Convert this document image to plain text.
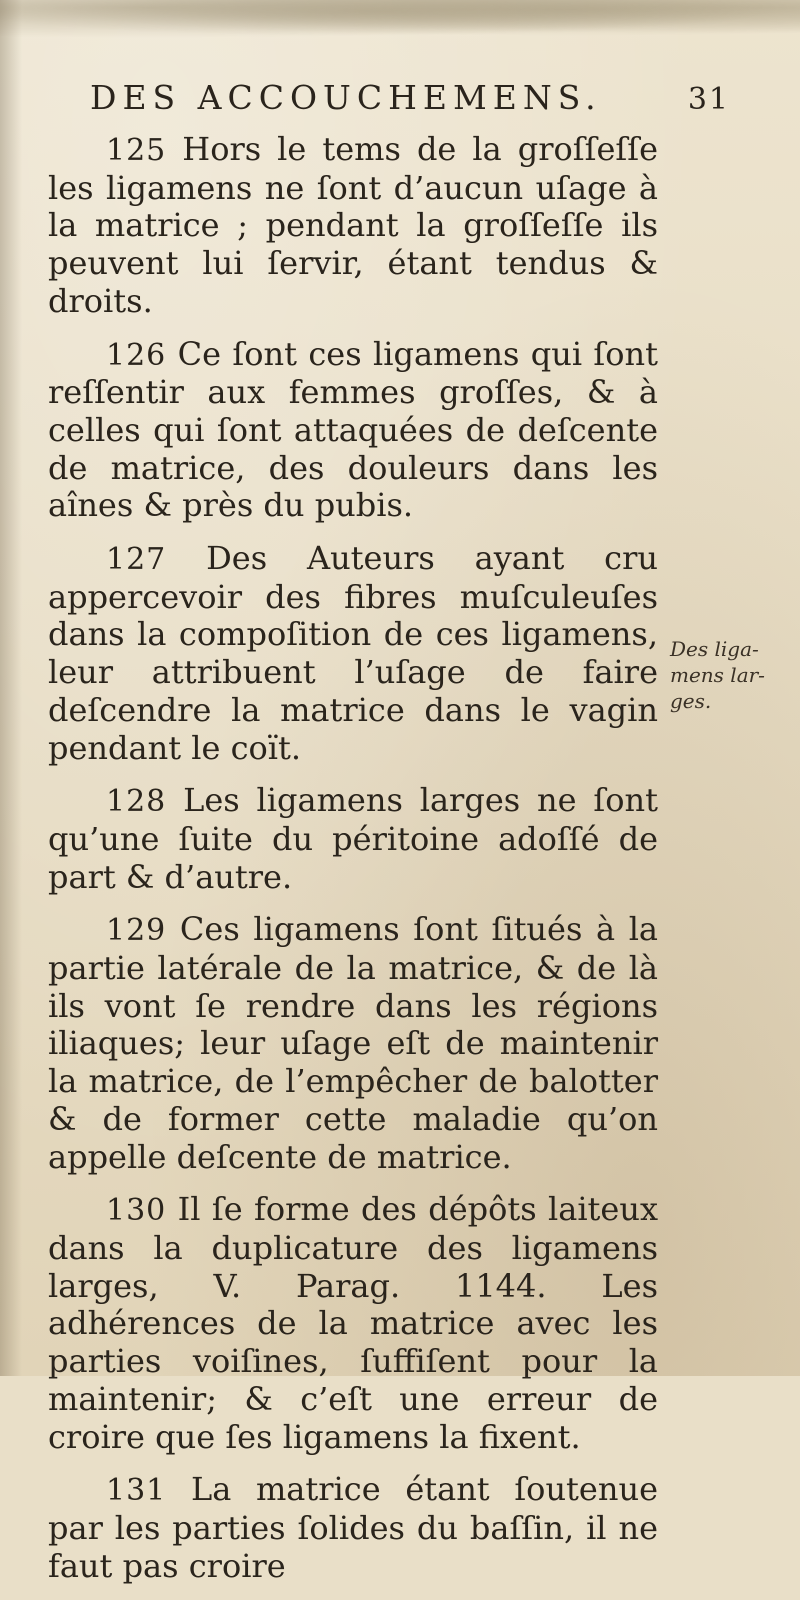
DES ACCOUCHEMENS.	31

125 Hors le tems de la groſſeſſe les ligamens ne ſont d’aucun uſage à la matrice ; pendant la groſſeſſe ils peuvent lui ſervir, étant tendus & droits.

126 Ce ſont ces ligamens qui ſont reſſentir aux femmes groſſes, & à celles qui ſont attaquées de deſcente de matrice, des douleurs dans les aînes & près du pubis.

127 Des Auteurs ayant cru appercevoir des fibres muſculeuſes dans la compoſition de ces ligamens, leur attribuent l’uſage de faire deſcendre la matrice dans le vagin pendant le coït.

128 Les ligamens larges ne ſont qu’une ſuite du péritoine adoſſé de part & d’autre.

129 Ces ligamens ſont ſitués à la partie latérale de la matrice, & de là ils vont ſe rendre dans les régions iliaques; leur uſage eſt de maintenir la matrice, de l’empêcher de balotter & de former cette maladie qu’on appelle deſcente de matrice.

130 Il ſe forme des dépôts laiteux dans la duplicature des ligamens larges, V. Parag. 1144. Les adhérences de la matrice avec les parties voiſines, ſuffiſent pour la maintenir; & c’eſt une erreur de croire que ſes ligamens la fixent.

131 La matrice étant ſoutenue par les parties ſolides du baſſin, il ne faut pas croire

Des liga-
mens lar-
ges.
